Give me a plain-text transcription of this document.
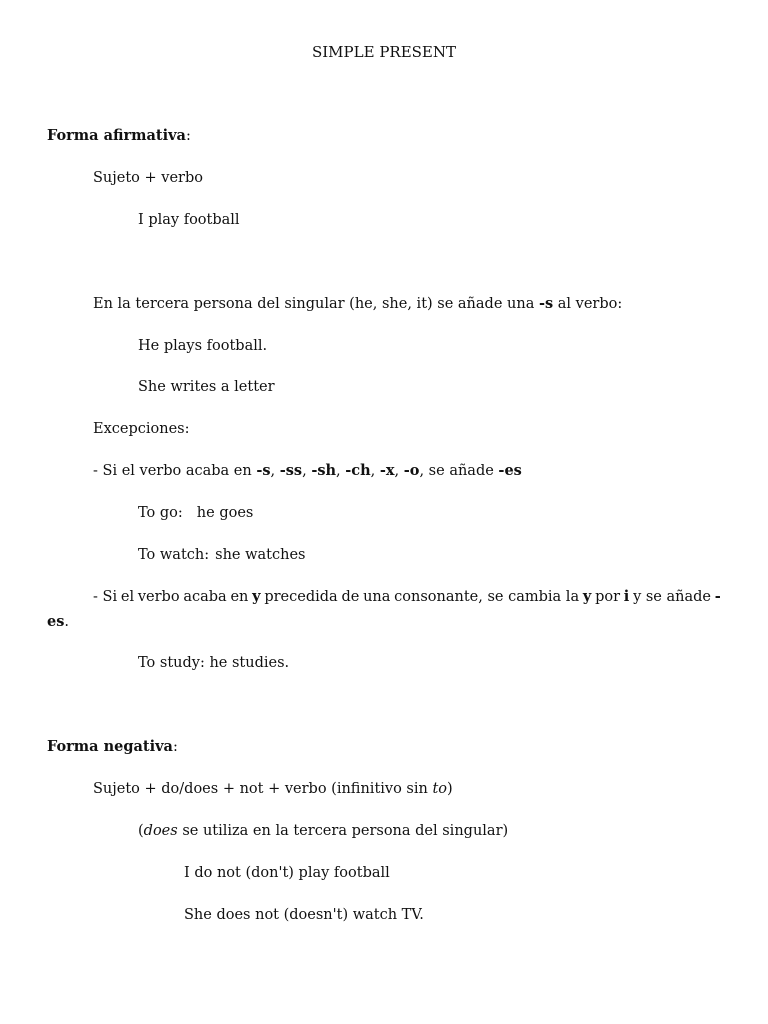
SIMPLE PRESENT
Forma afirmativa:
Sujeto + verbo
I play football
En la tercera persona del singular (he, she, it) se añade una -s al verbo:
He plays football.
She writes a letter
Excepciones:
- Si el verbo acaba en -s, -ss, -sh, -ch, -x, -o, se añade -es
To go: he goes
To watch: she watches
- Si el verbo acaba en y precedida de una consonante, se cambia la y por i y se añade -
es.
To study: he studies.
Forma negativa:
Sujeto + do/does + not + verbo (infinitivo sin to)
(does se utiliza en la tercera persona del singular)
I do not (don't) play football
She does not (doesn't) watch TV.
